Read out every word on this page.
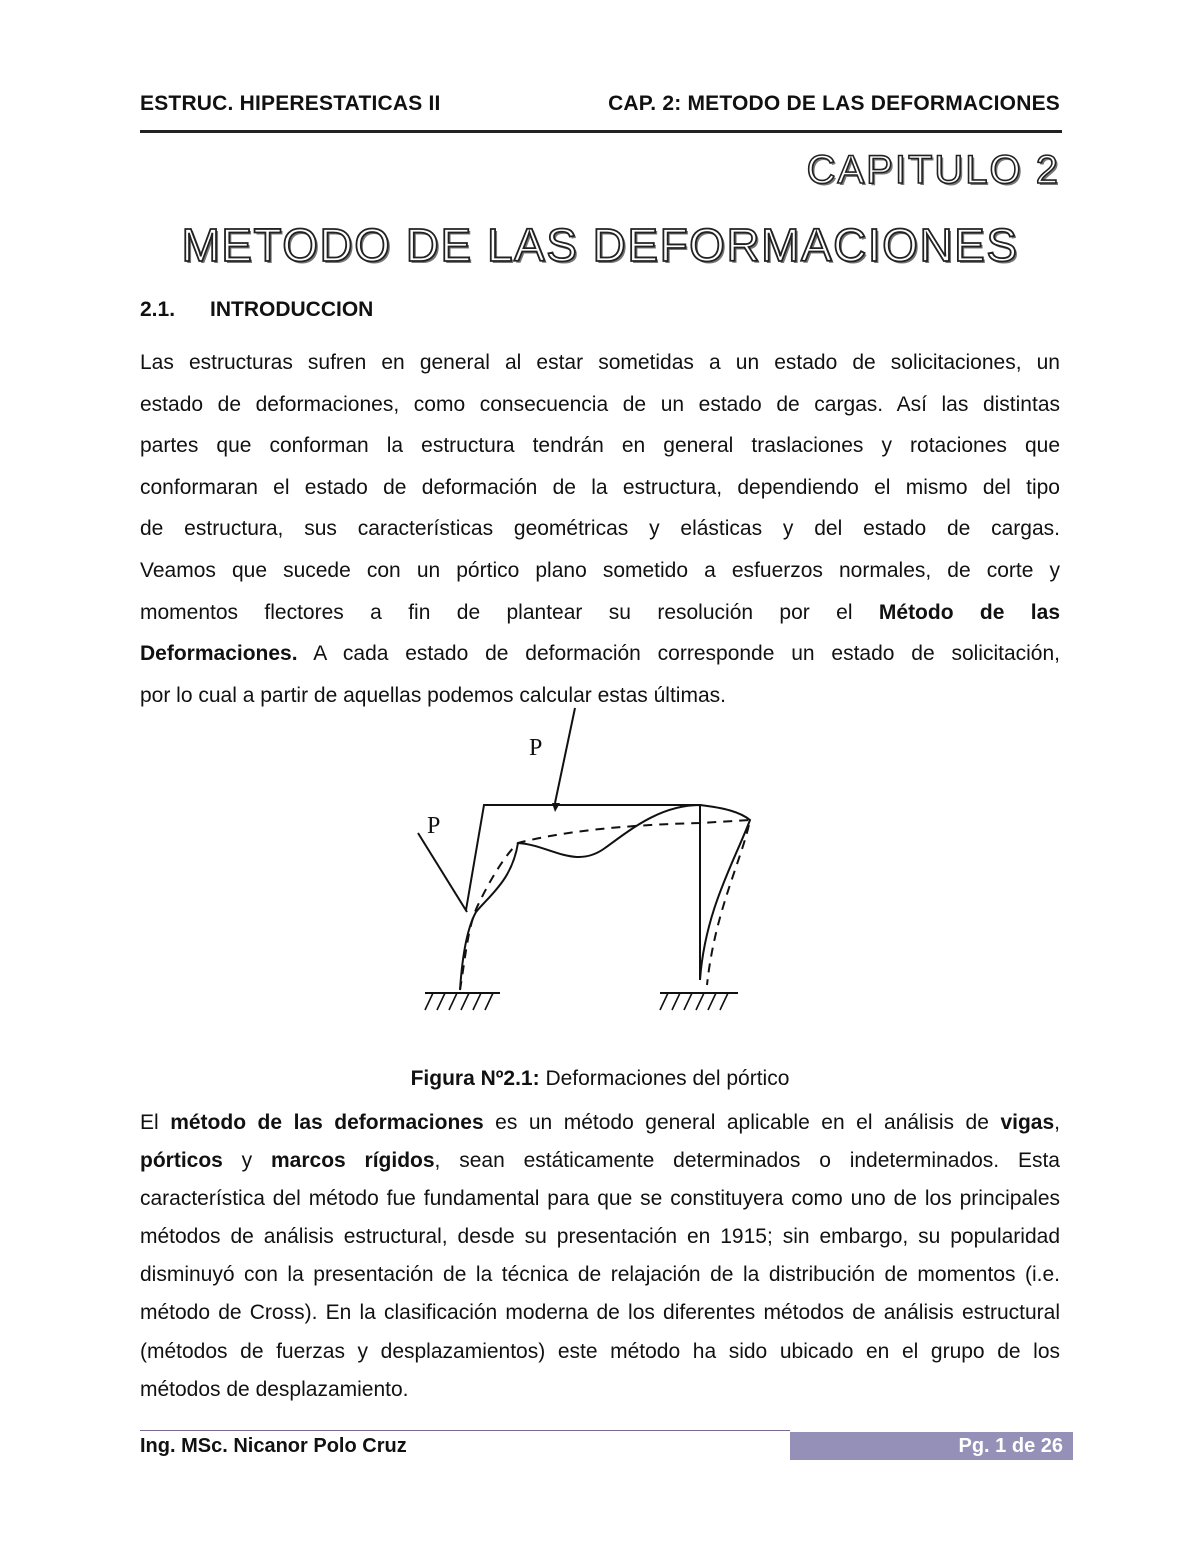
ESTRUC. HIPERESTATICAS II	CAP. 2: METODO DE LAS DEFORMACIONES
CAPITULO 2
METODO DE LAS DEFORMACIONES
2.1. INTRODUCCION
Las estructuras sufren en general al estar sometidas a un estado de solicitaciones, un
estado de deformaciones, como consecuencia de un estado de cargas. Así las distintas
partes que conforman la estructura tendrán en general traslaciones y rotaciones que
conformaran el estado de deformación de la estructura, dependiendo el mismo del tipo
de estructura, sus características geométricas y elásticas y del estado de cargas.
Veamos que sucede con un pórtico plano sometido a esfuerzos normales, de corte y
momentos flectores a fin de plantear su resolución por el Método de las
Deformaciones. A cada estado de deformación corresponde un estado de solicitación,
por lo cual a partir de aquellas podemos calcular estas últimas.
P
P
Figura Nº2.1: Deformaciones del pórtico
El método de las deformaciones es un método general aplicable en el análisis de vigas,
pórticos y marcos rígidos, sean estáticamente determinados o indeterminados. Esta
característica del método fue fundamental para que se constituyera como uno de los principales
métodos de análisis estructural, desde su presentación en 1915; sin embargo, su popularidad
disminuyó con la presentación de la técnica de relajación de la distribución de momentos (i.e.
método de Cross). En la clasificación moderna de los diferentes métodos de análisis estructural
(métodos de fuerzas y desplazamientos) este método ha sido ubicado en el grupo de los
métodos de desplazamiento.
Ing. MSc. Nicanor Polo Cruz	Pg. 1 de 26
